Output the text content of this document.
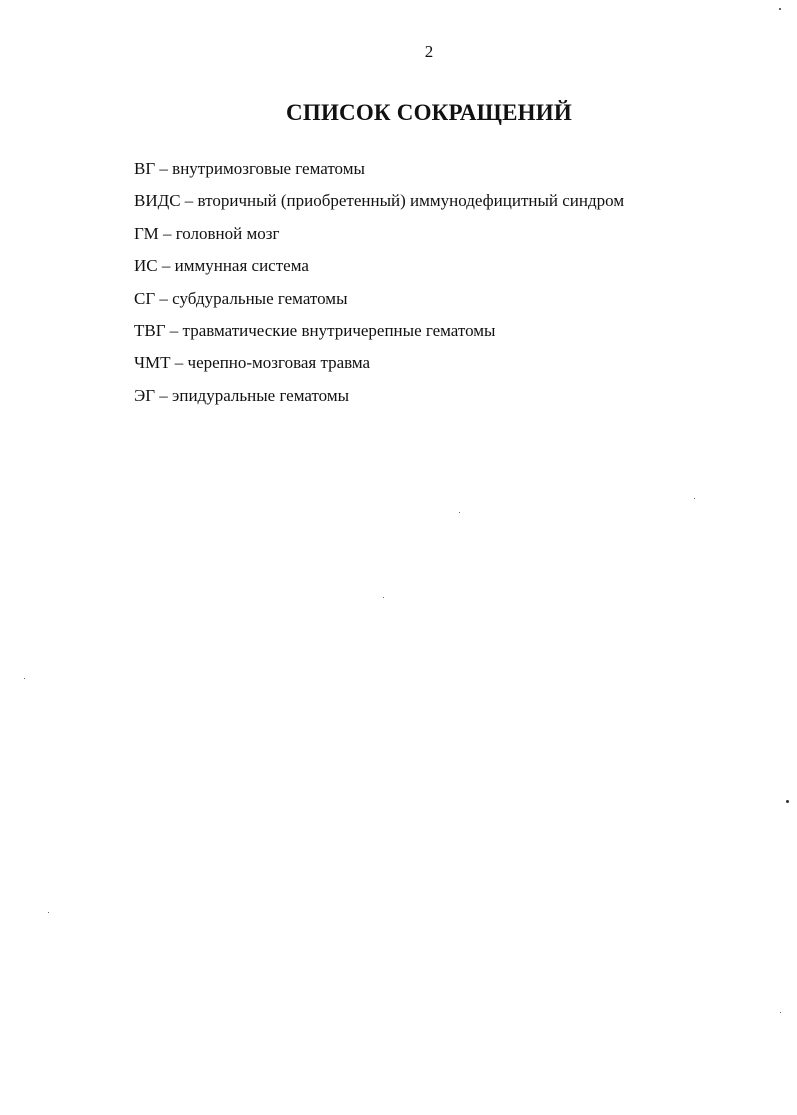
2
СПИСОК СОКРАЩЕНИЙ
ВГ – внутримозговые гематомы
ВИДС – вторичный (приобретенный) иммунодефицитный синдром
ГМ – головной мозг
ИС – иммунная система
СГ – субдуральные гематомы
ТВГ – травматические внутричерепные гематомы
ЧМТ – черепно-мозговая травма
ЭГ – эпидуральные гематомы
